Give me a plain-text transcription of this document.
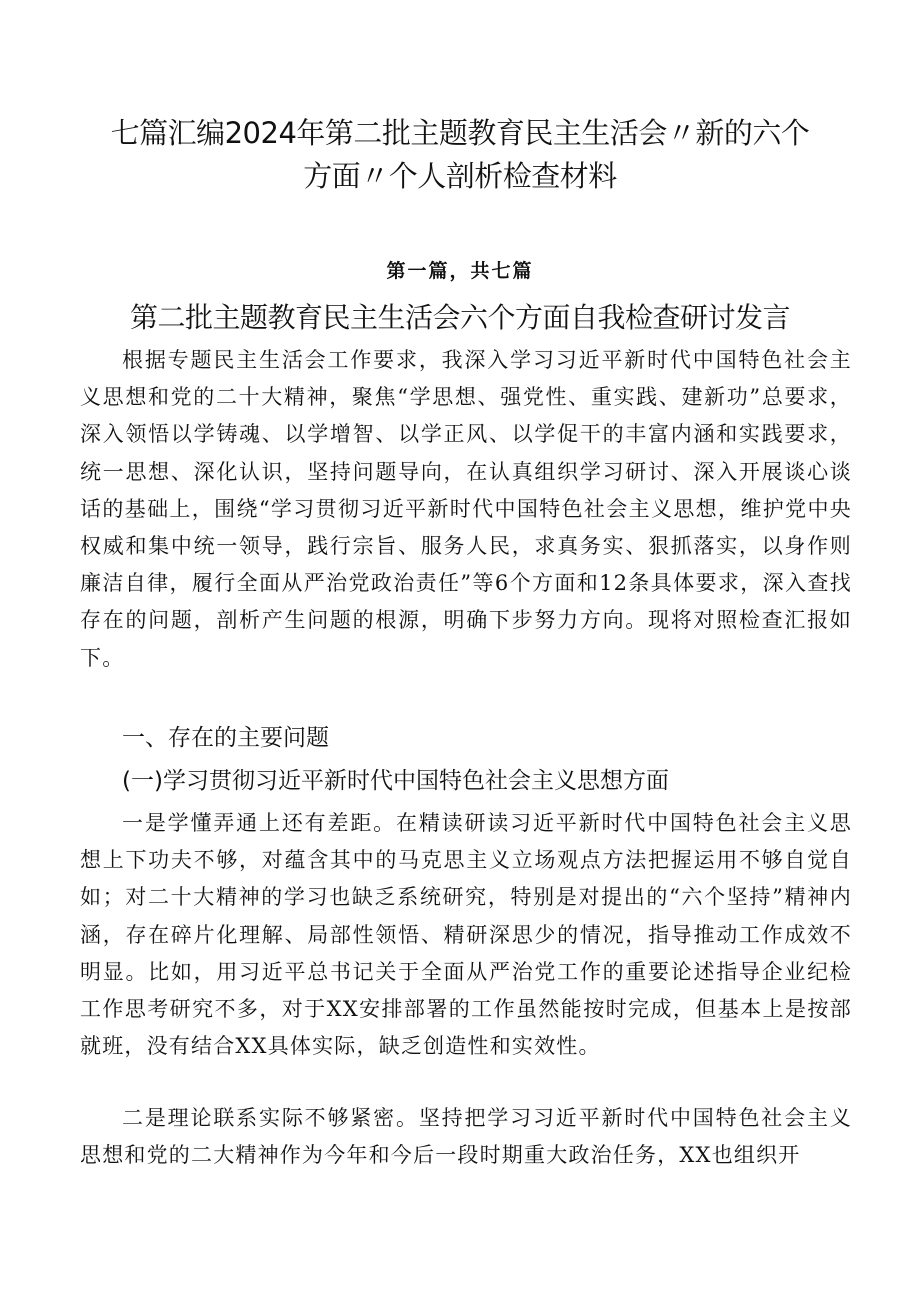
七篇汇编2024年第二批主题教育民主生活会〃新的六个方面〃个人剖析检查材料
第一篇，共七篇
第二批主题教育民主生活会六个方面自我检查研讨发言

根据专题民主生活会工作要求，我深入学习习近平新时代中国特色社会主义思想和党的二十大精神，聚焦“学思想、强党性、重实践、建新功”总要求，深入领悟以学铸魂、以学增智、以学正风、以学促干的丰富内涵和实践要求，统一思想、深化认识，坚持问题导向，在认真组织学习研讨、深入开展谈心谈话的基础上，围绕“学习贯彻习近平新时代中国特色社会主义思想，维护党中央权威和集中统一领导，践行宗旨、服务人民，求真务实、狠抓落实，以身作则廉洁自律，履行全面从严治党政治责任”等6个方面和12条具体要求，深入查找存在的问题，剖析产生问题的根源，明确下步努力方向。现将对照检查汇报如下。

一、存在的主要问题
(一)学习贯彻习近平新时代中国特色社会主义思想方面

一是学懂弄通上还有差距。在精读研读习近平新时代中国特色社会主义思想上下功夫不够，对蕴含其中的马克思主义立场观点方法把握运用不够自觉自如；对二十大精神的学习也缺乏系统研究，特别是对提出的“六个坚持”精神内涵，存在碎片化理解、局部性领悟、精研深思少的情况，指导推动工作成效不明显。比如，用习近平总书记关于全面从严治党工作的重要论述指导企业纪检工作思考研究不多，对于XX安排部署的工作虽然能按时完成，但基本上是按部就班，没有结合XX具体实际，缺乏创造性和实效性。

二是理论联系实际不够紧密。坚持把学习习近平新时代中国特色社会主义思想和党的二大精神作为今年和今后一段时期重大政治任务，XX也组织开
